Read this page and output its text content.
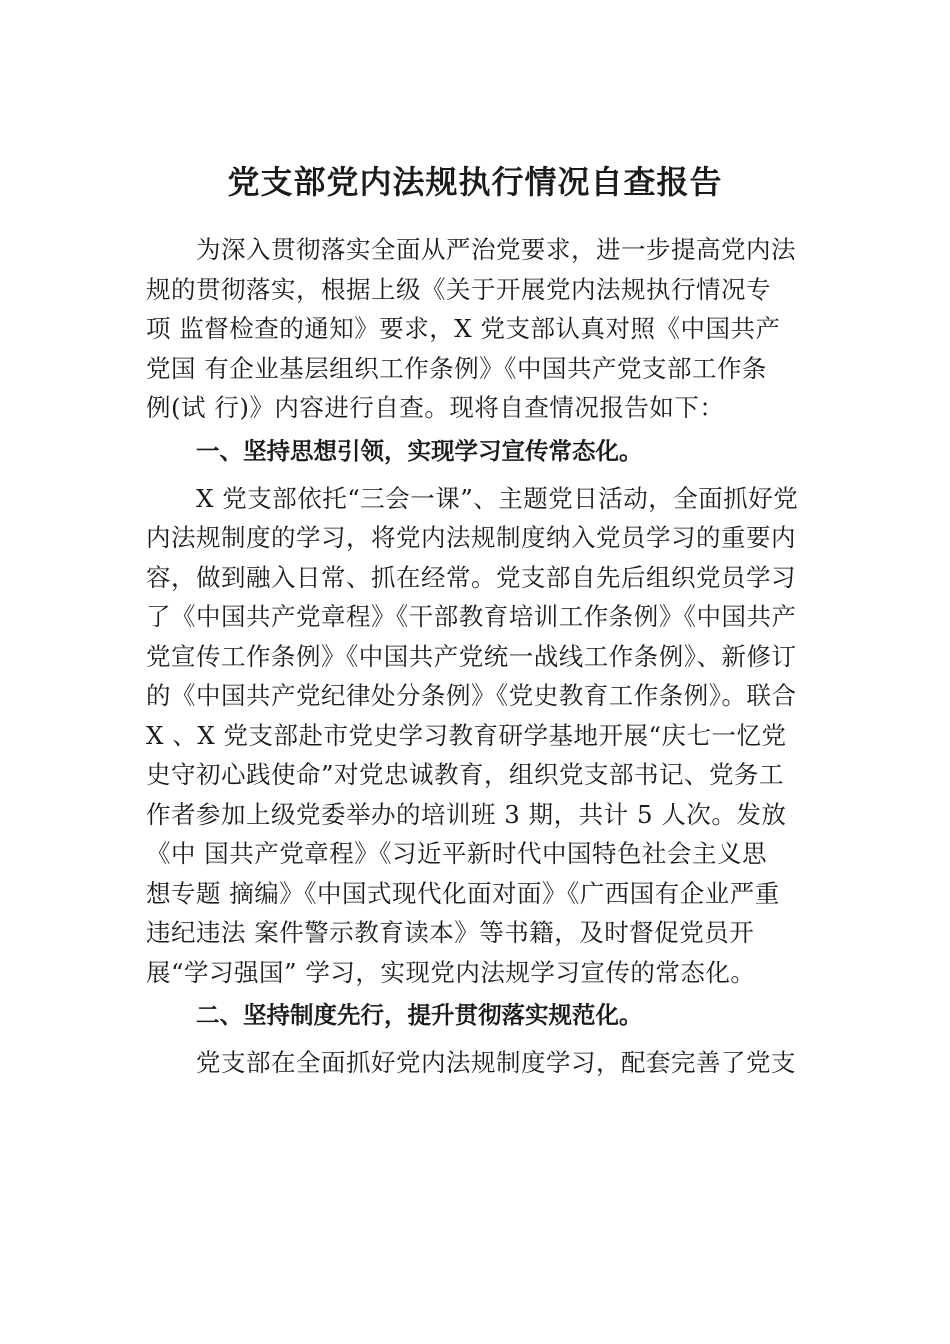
党支部党内法规执行情况自查报告
为深入贯彻落实全面从严治党要求，进一步提高党内法
规的贯彻落实，根据上级《关于开展党内法规执行情况专
项 监督检查的通知》要求，X 党支部认真对照《中国共产
党国 有企业基层组织工作条例》《中国共产党支部工作条
例(试 行)》内容进行自查。现将自查情况报告如下：
一、坚持思想引领，实现学习宣传常态化。
X 党支部依托“三会一课”、主题党日活动，全面抓好党
内法规制度的学习，将党内法规制度纳入党员学习的重要内
容，做到融入日常、抓在经常。党支部自先后组织党员学习
了《中国共产党章程》《干部教育培训工作条例》《中国共产
党宣传工作条例》《中国共产党统一战线工作条例》、新修订
的《中国共产党纪律处分条例》《党史教育工作条例》。联合
X 、X 党支部赴市党史学习教育研学基地开展“庆七一忆党
史守初心践使命”对党忠诚教育，组织党支部书记、党务工
作者参加上级党委举办的培训班 3 期，共计 5 人次。发放
《中 国共产党章程》《习近平新时代中国特色社会主义思
想专题 摘编》《中国式现代化面对面》《广西国有企业严重
违纪违法 案件警示教育读本》等书籍，及时督促党员开
展“学习强国” 学习，实现党内法规学习宣传的常态化。
二、坚持制度先行，提升贯彻落实规范化。
党支部在全面抓好党内法规制度学习，配套完善了党支
